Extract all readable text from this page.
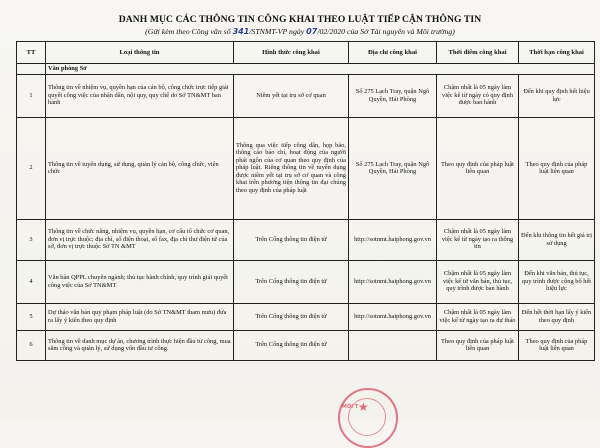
DANH MỤC CÁC THÔNG TIN CÔNG KHAI THEO LUẬT TIẾP CẬN THÔNG TIN
(Gửi kèm theo Công văn số 341/STNMT-VP ngày 07/02/2020 của Sở Tài nguyên và Môi trường)
TT	Loại thông tin	Hình thức công khai	Địa chỉ công khai	Thời điểm công khai	Thời hạn công khai
	Văn phòng Sở				
1	Thông tin về nhiệm vụ, quyền hạn của cán bộ, công chức trực tiếp giải quyết công việc của nhân dân, nội quy, quy chế do Sở TN&MT ban hành	Niêm yết tại trụ sở cơ quan	Số 275 Lạch Tray, quận Ngô Quyền, Hải Phòng	Chậm nhất là 05 ngày làm việc kể từ ngày có quy định được ban hành	Đến khi quy định hết hiệu lực
2	Thông tin về tuyển dụng, sử dụng, quản lý cán bộ, công chức, viên chức	Thông qua việc tiếp công dân, họp báo, thông cáo báo chí, hoạt động của người phát ngôn của cơ quan theo quy định của pháp luật. Riêng thông tin về tuyển dụng được niêm yết tại trụ sở cơ quan và công khai trên phương tiện thông tin đại chúng theo quy định của pháp luật	Số 275 Lạch Tray, quận Ngô Quyền, Hải Phòng	Theo quy định của pháp luật liên quan	Theo quy định của pháp luật liên quan
3	Thông tin về chức năng, nhiệm vụ, quyền hạn, cơ cấu tổ chức cơ quan, đơn vị trực thuộc; địa chỉ, số điện thoại, số fax, địa chỉ thư điện tử của sở, đơn vị trực thuộc Sở TN &MT	Trên Cổng thông tin điện tử	http://sotnmt.haiphong.gov.vn	Chậm nhất là 05 ngày làm việc kể từ ngày tạo ra thông tin	Đến khi thông tin hết giá trị sử dụng
4	Văn bản QPPL chuyên ngành; thủ tục hành chính, quy trình giải quyết công việc của Sở TN&MT	Trên Cổng thông tin điện tử	http://sotnmt.haiphong.gov.vn	Chậm nhất là 05 ngày làm việc kể từ văn bản, thủ tục, quy trình được ban hành	Đến khi văn bản, thủ tục, quy trình được công bố hết hiệu lực
5	Dự thảo văn bản quy phạm pháp luật (do Sở TN&MT tham mưu) đưa ra lấy ý kiến theo quy định	Trên Cổng thông tin điện tử	http://sotnmt.haiphong.gov.vn	Chậm nhất là 05 ngày làm việc kể từ ngày tạo ra dự thảo	Đến hết thời hạn lấy ý kiến theo quy định
6	Thông tin về danh mục dự án, chương trình thực hiện đầu tư công, mua sắm công và quản lý, sử dụng vốn đầu tư công.	Trên Cổng thông tin điện tử		Theo quy định của pháp luật liên quan	Theo quy định của pháp luật liên quan
★
MÔI T
